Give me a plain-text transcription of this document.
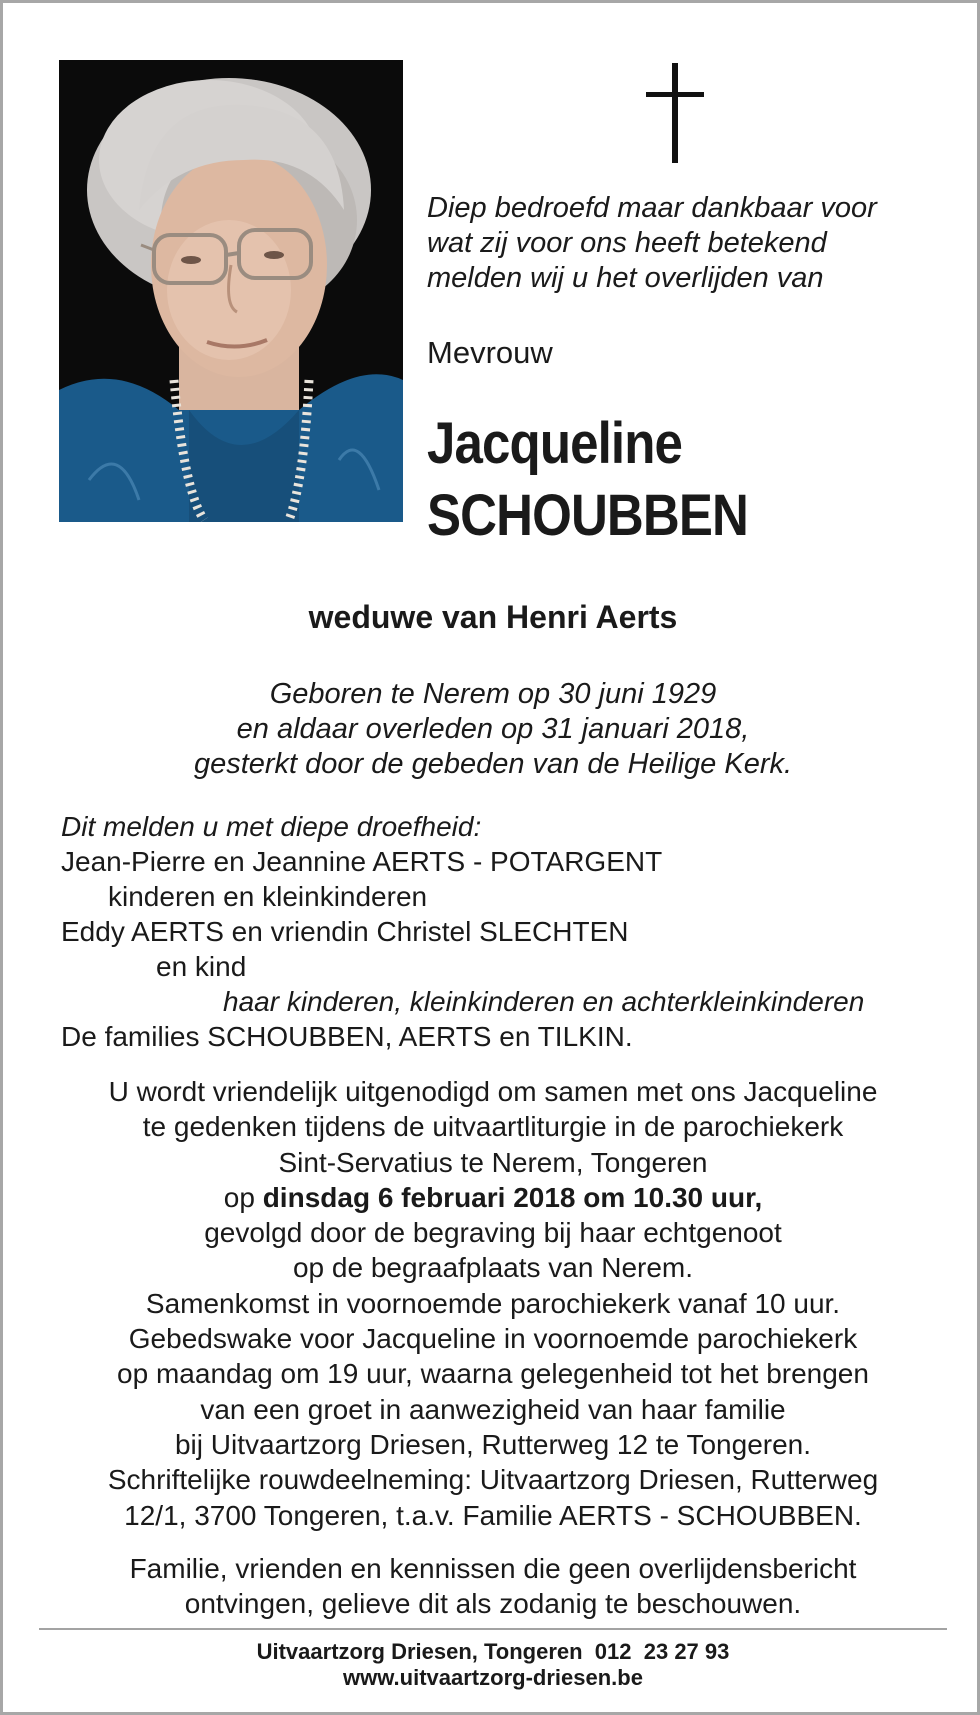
Diep bedroefd maar dankbaar voor
wat zij voor ons heeft betekend
melden wij u het overlijden van
Mevrouw
Jacqueline
SCHOUBBEN
weduwe van Henri Aerts
Geboren te Nerem op 30 juni 1929
en aldaar overleden op 31 januari 2018,
gesterkt door de gebeden van de Heilige Kerk.
Dit melden u met diepe droefheid:
Jean-Pierre en Jeannine AERTS - POTARGENT
kinderen en kleinkinderen
Eddy AERTS en vriendin Christel SLECHTEN
en kind
haar kinderen, kleinkinderen en achterkleinkinderen
De families SCHOUBBEN, AERTS en TILKIN.
U wordt vriendelijk uitgenodigd om samen met ons Jacqueline
te gedenken tijdens de uitvaartliturgie in de parochiekerk
Sint-Servatius te Nerem, Tongeren
op dinsdag 6 februari 2018 om 10.30 uur,
gevolgd door de begraving bij haar echtgenoot
op de begraafplaats van Nerem.
Samenkomst in voornoemde parochiekerk vanaf 10 uur.
Gebedswake voor Jacqueline in voornoemde parochiekerk
op maandag om 19 uur, waarna gelegenheid tot het brengen
van een groet in aanwezigheid van haar familie
bij Uitvaartzorg Driesen, Rutterweg 12 te Tongeren.
Schriftelijke rouwdeelneming: Uitvaartzorg Driesen, Rutterweg
12/1, 3700 Tongeren, t.a.v. Familie AERTS - SCHOUBBEN.
Familie, vrienden en kennissen die geen overlijdensbericht
ontvingen, gelieve dit als zodanig te beschouwen.
Uitvaartzorg Driesen, Tongeren  012  23 27 93
www.uitvaartzorg-driesen.be
